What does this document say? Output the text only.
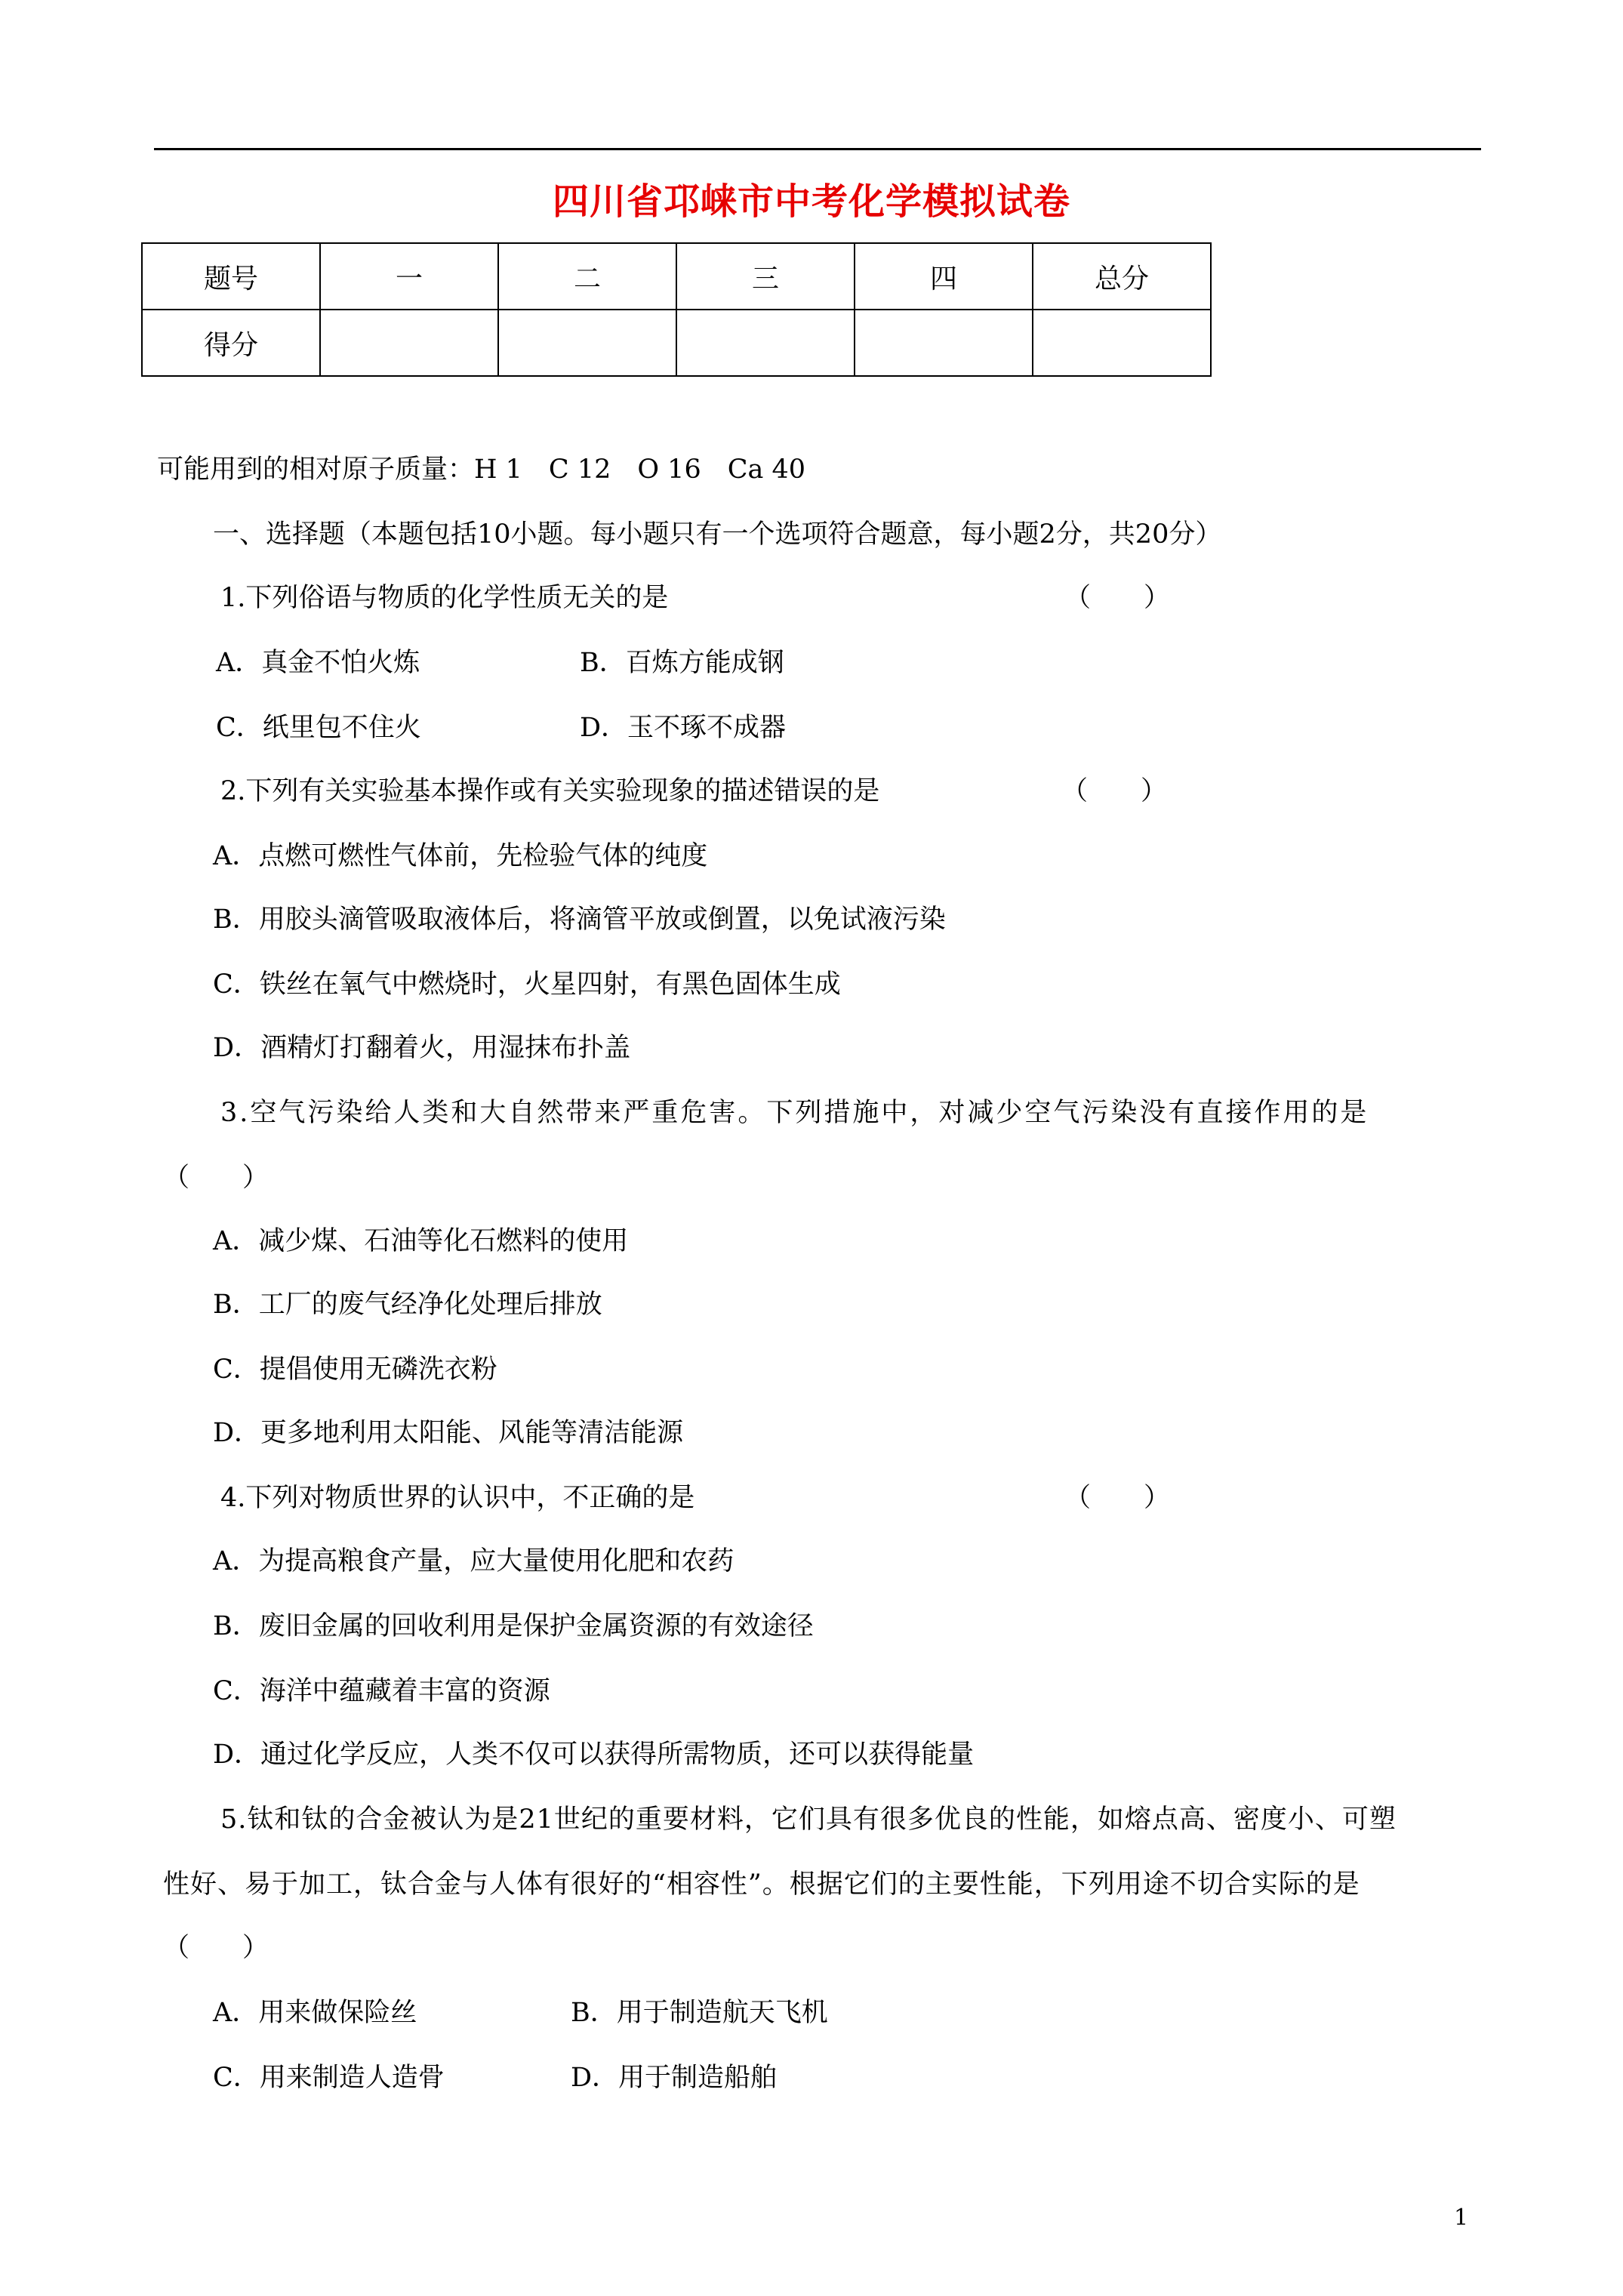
四川省邛崃市中考化学模拟试卷
题号	一	二	三	四	总分
得分					
可能用到的相对原子质量：H 1　C 12　O 16　Ca 40
一、选择题（本题包括10小题。每小题只有一个选项符合题意，每小题2分，共20分）
1.下列俗语与物质的化学性质无关的是	（　　）
A．真金不怕火炼	B．百炼方能成钢
C．纸里包不住火	D．玉不琢不成器
2.下列有关实验基本操作或有关实验现象的描述错误的是	（　　）
A．点燃可燃性气体前，先检验气体的纯度
B．用胶头滴管吸取液体后，将滴管平放或倒置，以免试液污染
C．铁丝在氧气中燃烧时，火星四射，有黑色固体生成
D．酒精灯打翻着火，用湿抹布扑盖
3.空气污染给人类和大自然带来严重危害。下列措施中，对减少空气污染没有直接作用的是
（　　）
A．减少煤、石油等化石燃料的使用
B．工厂的废气经净化处理后排放
C．提倡使用无磷洗衣粉
D．更多地利用太阳能、风能等清洁能源
4.下列对物质世界的认识中，不正确的是	（　　）
A．为提高粮食产量，应大量使用化肥和农药
B．废旧金属的回收利用是保护金属资源的有效途径
C．海洋中蕴藏着丰富的资源
D．通过化学反应，人类不仅可以获得所需物质，还可以获得能量
5.钛和钛的合金被认为是21世纪的重要材料，它们具有很多优良的性能，如熔点高、密度小、可塑
性好、易于加工，钛合金与人体有很好的“相容性”。根据它们的主要性能，下列用途不切合实际的是
（　　）
A．用来做保险丝	B．用于制造航天飞机
C．用来制造人造骨	D．用于制造船舶
1
